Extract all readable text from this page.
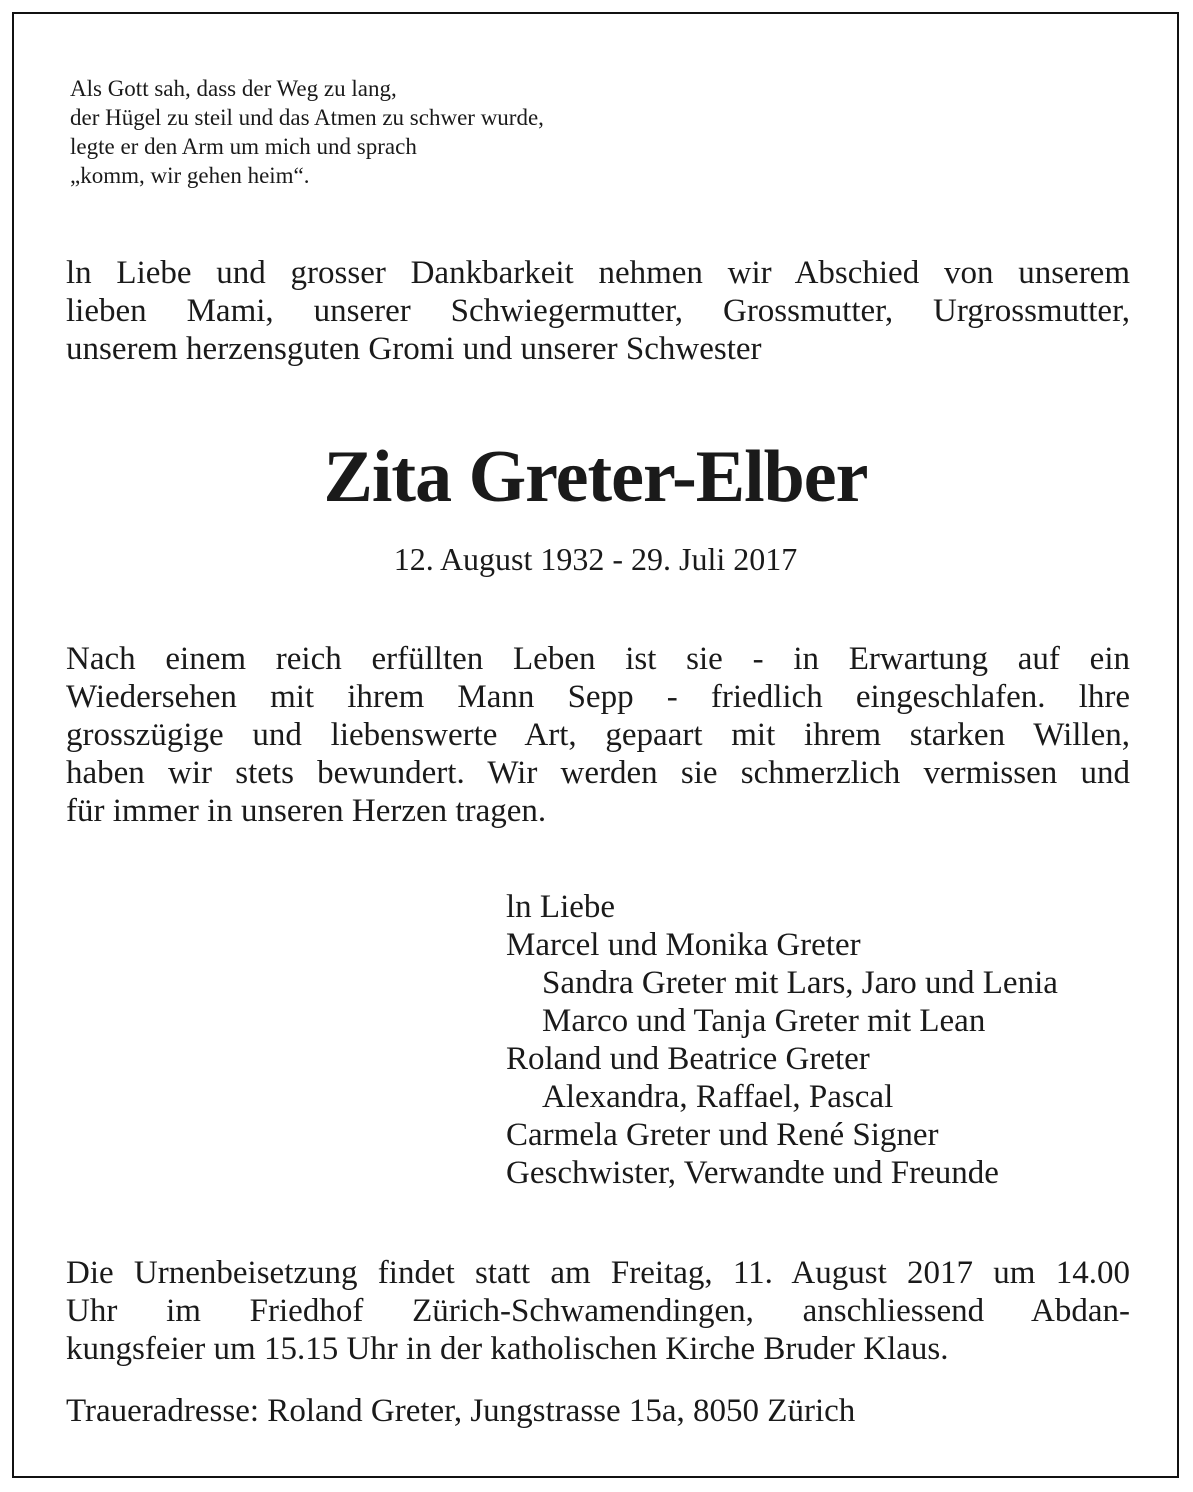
Als Gott sah, dass der Weg zu lang,
der Hügel zu steil und das Atmen zu schwer wurde,
legte er den Arm um mich und sprach
„komm, wir gehen heim“.
ln Liebe und grosser Dankbarkeit nehmen wir Abschied von unserem
lieben Mami, unserer Schwiegermutter, Grossmutter, Urgrossmutter,
unserem herzensguten Gromi und unserer Schwester
Zita Greter-Elber
12. August 1932 - 29. Juli 2017
Nach einem reich erfüllten Leben ist sie - in Erwartung auf ein
Wiedersehen mit ihrem Mann Sepp - friedlich eingeschlafen. lhre
grosszügige und liebenswerte Art, gepaart mit ihrem starken Willen,
haben wir stets bewundert. Wir werden sie schmerzlich vermissen und
für immer in unseren Herzen tragen.
ln Liebe
Marcel und Monika Greter
Sandra Greter mit Lars, Jaro und Lenia
Marco und Tanja Greter mit Lean
Roland und Beatrice Greter
Alexandra, Raffael, Pascal
Carmela Greter und René Signer
Geschwister, Verwandte und Freunde
Die Urnenbeisetzung findet statt am Freitag, 11. August 2017 um 14.00
Uhr im Friedhof Zürich-Schwamendingen, anschliessend Abdan-
kungsfeier um 15.15 Uhr in der katholischen Kirche Bruder Klaus.
Traueradresse: Roland Greter, Jungstrasse 15a, 8050 Zürich
